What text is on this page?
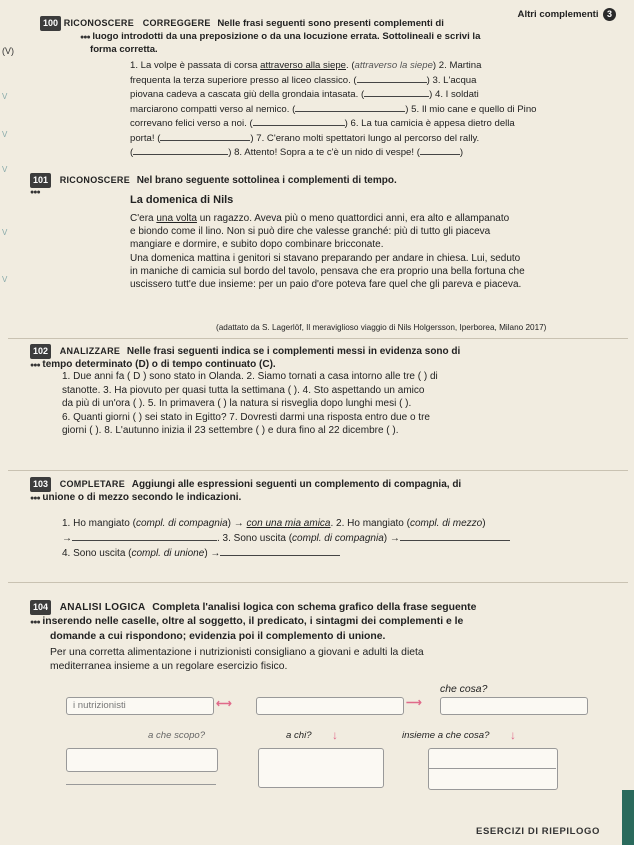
Altri complementi 3
(V)
V
V
V
V
V
100 RICONOSCERE CORREGGERE Nelle frasi seguenti sono presenti complementi di
●●● luogo introdotti da una preposizione o da una locuzione errata. Sottolineali e scrivi la
forma corretta.
1. La volpe è passata di corsa attraverso alla siepe. (attraverso la siepe) 2. Martina
frequenta la terza superiore presso al liceo classico. (	) 3. L'acqua
piovana cadeva a cascata giù della grondaia intasata. (	) 4. I soldati
marciarono compatti verso al nemico. (	) 5. Il mio cane e quello di Pino
correvano felici verso a noi. (	) 6. La tua camicia è appesa dietro della
porta! (	) 7. C'erano molti spettatori lungo al percorso del rally.
(	) 8. Attento! Sopra a te c'è un nido di vespe! (	)
101 RICONOSCERE Nel brano seguente sottolinea i complementi di tempo.
●●●
La domenica di Nils
C'era una volta un ragazzo. Aveva più o meno quattordici anni, era alto e allampanato
e biondo come il lino. Non si può dire che valesse granché: più di tutto gli piaceva
mangiare e dormire, e subito dopo combinare bricconate.
Una domenica mattina i genitori si stavano preparando per andare in chiesa. Lui, seduto
in maniche di camicia sul bordo del tavolo, pensava che era proprio una bella fortuna che
uscissero tutt'e due insieme: per un paio d'ore poteva fare quel che gli pareva e piaceva.
(adattato da S. Lagerlöf, Il meraviglioso viaggio di Nils Holgersson, Iperborea, Milano 2017)
102 ANALIZZARE Nelle frasi seguenti indica se i complementi messi in evidenza sono di
●●● tempo determinato (D) o di tempo continuato (C).
1. Due anni fa ( D ) sono stato in Olanda. 2. Siamo tornati a casa intorno alle tre ( ) di
stanotte. 3. Ha piovuto per quasi tutta la settimana ( ). 4. Sto aspettando un amico
da più di un'ora ( ). 5. In primavera ( ) la natura si risveglia dopo lunghi mesi ( ).
6. Quanti giorni ( ) sei stato in Egitto? 7. Dovresti darmi una risposta entro due o tre
giorni ( ). 8. L'autunno inizia il 23 settembre ( ) e dura fino al 22 dicembre ( ).
103 COMPLETARE Aggiungi alle espressioni seguenti un complemento di compagnia, di
●●● unione o di mezzo secondo le indicazioni.
1. Ho mangiato (compl. di compagnia) → con una mia amica. 2. Ho mangiato (compl. di mezzo)
→	. 3. Sono uscita (compl. di compagnia) →
4. Sono uscita (compl. di unione) →
104 ANALISI LOGICA Completa l'analisi logica con schema grafico della frase seguente
●●● inserendo nelle caselle, oltre al soggetto, il predicato, i sintagmi dei complementi e le
domande a cui rispondono; evidenzia poi il complemento di unione.
Per una corretta alimentazione i nutrizionisti consigliano a giovani e adulti la dieta
mediterranea insieme a un regolare esercizio fisico.
che cosa?
i nutrizionisti	⟷	⟶
a che scopo?	a chi? ↓	insieme a che cosa? ↓
ESERCIZI DI RIEPILOGO
